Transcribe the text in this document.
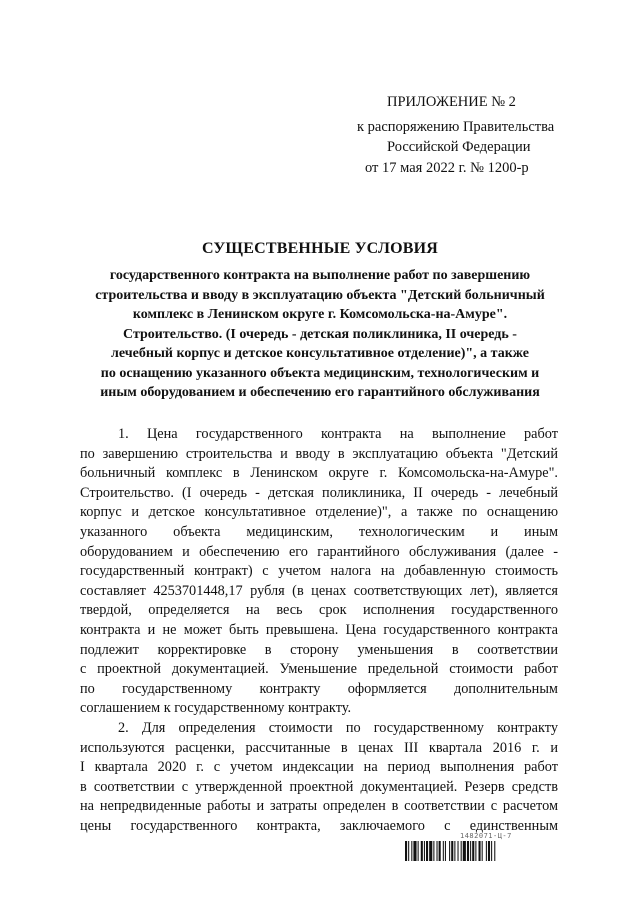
ПРИЛОЖЕНИЕ № 2
к распоряжению Правительства
Российской Федерации
от 17 мая 2022 г. № 1200-р
СУЩЕСТВЕННЫЕ УСЛОВИЯ
государственного контракта на выполнение работ по завершению
строительства и вводу в эксплуатацию объекта "Детский больничный
комплекс в Ленинском округе г. Комсомольска-на-Амуре".
Строительство. (I очередь - детская поликлиника, II очередь -
лечебный корпус и детское консультативное отделение)", а также
по оснащению указанного объекта медицинским, технологическим и
иным оборудованием и обеспечению его гарантийного обслуживания
1. Цена государственного контракта на выполнение работ
по завершению строительства и вводу в эксплуатацию объекта "Детский
больничный комплекс в Ленинском округе г. Комсомольска-на-Амуре".
Строительство. (I очередь - детская поликлиника, II очередь - лечебный
корпус и детское консультативное отделение)", а также по оснащению
указанного объекта медицинским, технологическим и иным
оборудованием и обеспечению его гарантийного обслуживания (далее -
государственный контракт) с учетом налога на добавленную стоимость
составляет 4253701448,17 рубля (в ценах соответствующих лет), является
твердой, определяется на весь срок исполнения государственного
контракта и не может быть превышена. Цена государственного контракта
подлежит корректировке в сторону уменьшения в соответствии
с проектной документацией. Уменьшение предельной стоимости работ
по государственному контракту оформляется дополнительным
соглашением к государственному контракту.
2. Для определения стоимости по государственному контракту
используются расценки, рассчитанные в ценах III квартала 2016 г. и
I квартала 2020 г. с учетом индексации на период выполнения работ
в соответствии с утвержденной проектной документацией. Резерв средств
на непредвиденные работы и затраты определен в соответствии с расчетом
цены государственного контракта, заключаемого с единственным
1482071-Ц-7
